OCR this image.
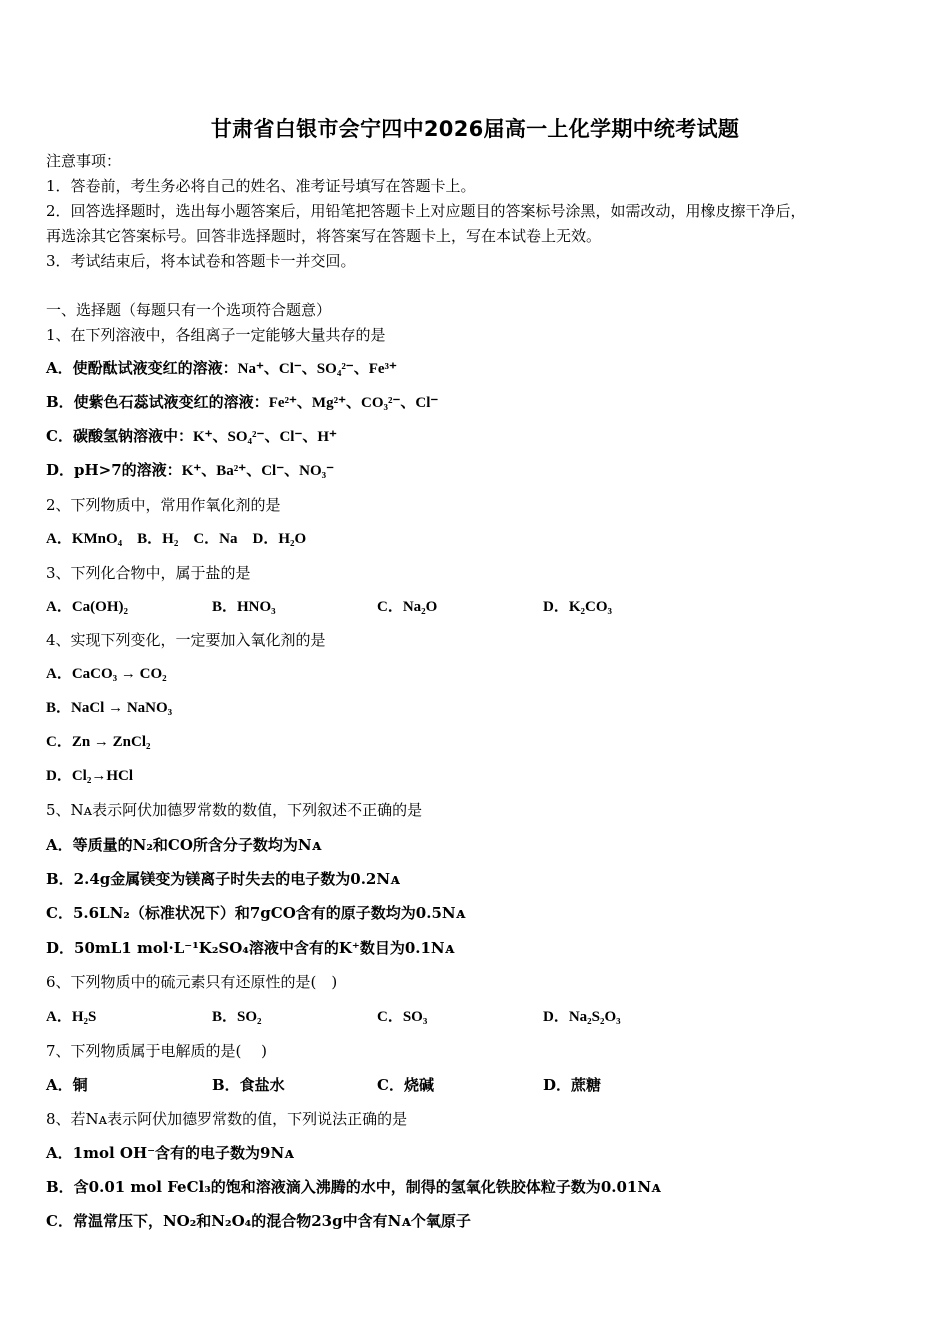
甘肃省白银市会宁四中2026届高一上化学期中统考试题
注意事项：
1．答卷前，考生务必将自己的姓名、准考证号填写在答题卡上。
2．回答选择题时，选出每小题答案后，用铅笔把答题卡上对应题目的答案标号涂黑，如需改动，用橡皮擦干净后，
再选涂其它答案标号。回答非选择题时，将答案写在答题卡上，写在本试卷上无效。
3．考试结束后，将本试卷和答题卡一并交回。
一、选择题（每题只有一个选项符合题意）
1、在下列溶液中，各组离子一定能够大量共存的是
A．使酚酞试液变红的溶液：Na⁺、Cl⁻、SO₄²⁻、Fe³⁺
B．使紫色石蕊试液变红的溶液：Fe²⁺、Mg²⁺、CO₃²⁻、Cl⁻
C．碳酸氢钠溶液中：K⁺、SO₄²⁻、Cl⁻、H⁺
D．pH>7的溶液：K⁺、Ba²⁺、Cl⁻、NO₃⁻
2、下列物质中，常用作氧化剂的是
A．KMnO₄　B．H₂　C．Na　D．H₂O
3、下列化合物中，属于盐的是
A．Ca(OH)₂	B．HNO₃	C．Na₂O	D．K₂CO₃
4、实现下列变化，一定要加入氧化剂的是
A．CaCO₃ → CO₂
B．NaCl → NaNO₃
C．Zn → ZnCl₂
D．Cl₂→HCl
5、Nᴀ表示阿伏加德罗常数的数值，下列叙述不正确的是
A．等质量的N₂和CO所含分子数均为Nᴀ
B．2.4g金属镁变为镁离子时失去的电子数为0.2Nᴀ
C．5.6LN₂（标准状况下）和7gCO含有的原子数均为0.5Nᴀ
D．50mL1 mol·L⁻¹K₂SO₄溶液中含有的K⁺数目为0.1Nᴀ
6、下列物质中的硫元素只有还原性的是(　)
A．H₂S	B．SO₂	C．SO₃	D．Na₂S₂O₃
7、下列物质属于电解质的是(　 )
A．铜	B．食盐水	C．烧碱	D．蔗糖
8、若Nᴀ表示阿伏加德罗常数的值，下列说法正确的是
A．1mol OH⁻含有的电子数为9Nᴀ
B．含0.01 mol FeCl₃的饱和溶液滴入沸腾的水中，制得的氢氧化铁胶体粒子数为0.01Nᴀ
C．常温常压下，NO₂和N₂O₄的混合物23g中含有Nᴀ个氧原子
